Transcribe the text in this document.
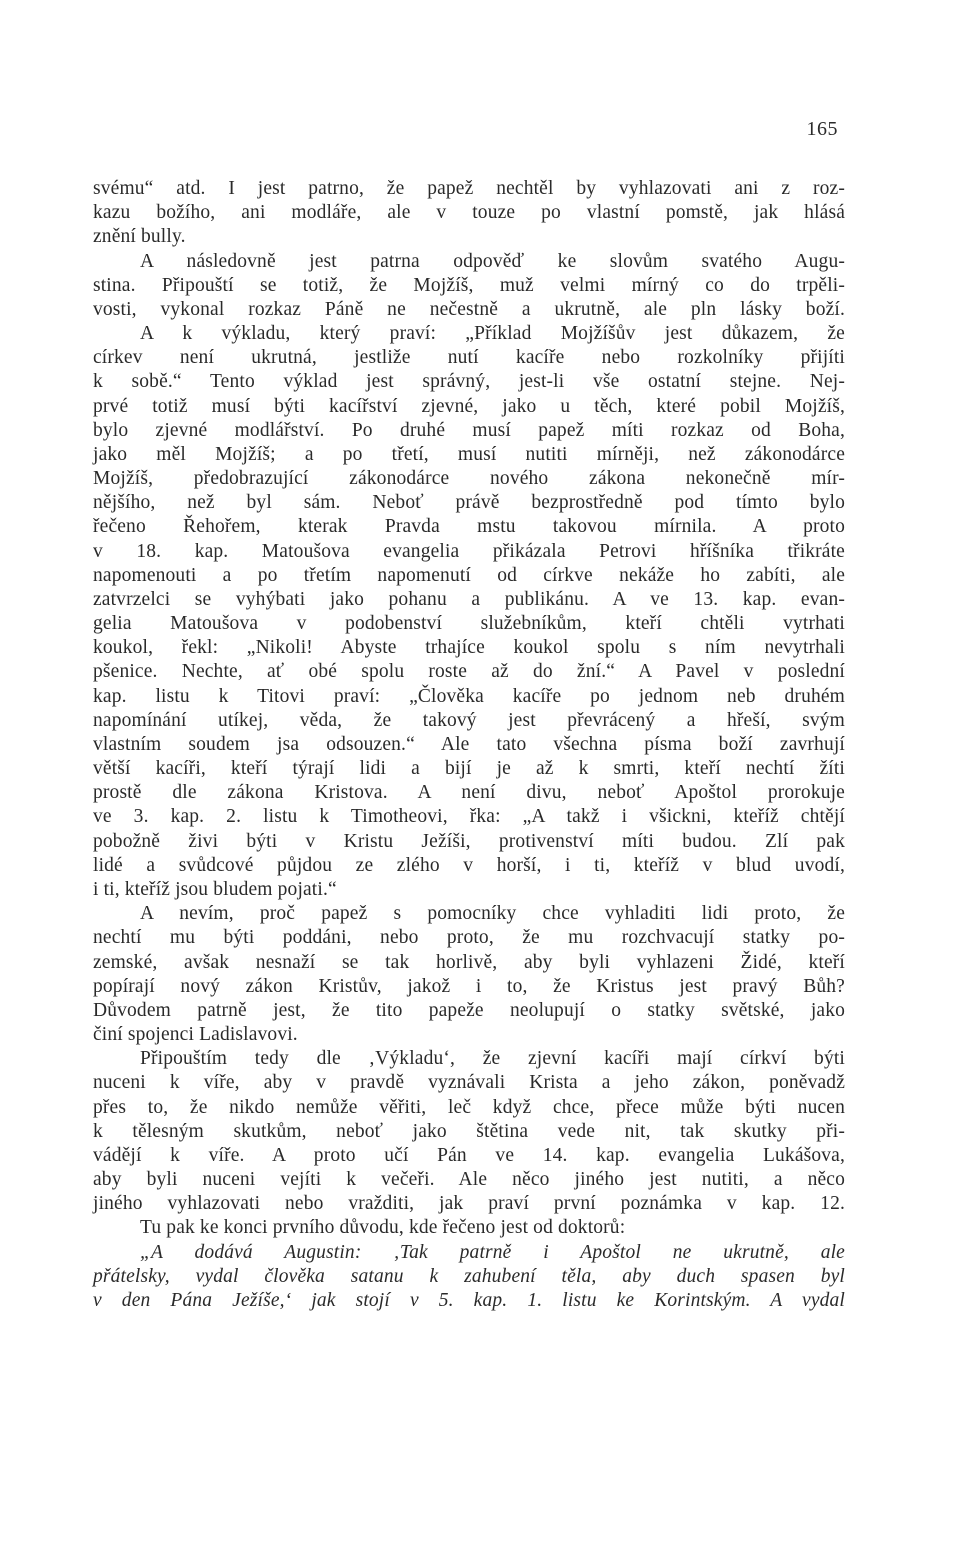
165
svému“ atd. I jest patrno, že papež nechtěl by vyhlazovati ani z roz-
kazu božího, ani modláře, ale v touze po vlastní pomstě, jak hlásá
znění bully.
A následovně jest patrna odpověď ke slovům svatého Augu-
stina. Připouští se totiž, že Mojžíš, muž velmi mírný co do trpěli-
vosti, vykonal rozkaz Páně ne nečestně a ukrutně, ale pln lásky boží.
A k výkladu, který praví: „Příklad Mojžíšův jest důkazem, že
církev není ukrutná, jestliže nutí kacíře nebo rozkolníky přijíti
k sobě.“ Tento výklad jest správný, jest-li vše ostatní stejne. Nej-
prvé totiž musí býti kacířství zjevné, jako u těch, které pobil Mojžíš,
bylo zjevné modlářství. Po druhé musí papež míti rozkaz od Boha,
jako měl Mojžíš; a po třetí, musí nutiti mírněji, než zákonodárce
Mojžíš, předobrazující zákonodárce nového zákona nekonečně mír-
nějšího, než byl sám. Neboť právě bezprostředně pod tímto bylo
řečeno Řehořem, kterak Pravda mstu takovou mírnila. A proto
v 18. kap. Matoušova evangelia přikázala Petrovi hříšníka třikráte
napomenouti a po třetím napomenutí od církve nekáže ho zabíti, ale
zatvrzelci se vyhýbati jako pohanu a publikánu. A ve 13. kap. evan-
gelia Matoušova v podobenství služebníkům, kteří chtěli vytrhati
koukol, řekl: „Nikoli! Abyste trhajíce koukol spolu s ním nevytrhali
pšenice. Nechte, ať obé spolu roste až do žní.“ A Pavel v poslední
kap. listu k Titovi praví: „Člověka kacíře po jednom neb druhém
napomínání utíkej, věda, že takový jest převrácený a hřeší, svým
vlastním soudem jsa odsouzen.“ Ale tato všechna písma boží zavrhují
větší kacíři, kteří týrají lidi a bijí je až k smrti, kteří nechtí žíti
prostě dle zákona Kristova. A není divu, neboť Apoštol prorokuje
ve 3. kap. 2. listu k Timotheovi, řka: „A takž i všickni, kteříž chtějí
pobožně živi býti v Kristu Ježíši, protivenství míti budou. Zlí pak
lidé a svůdcové půjdou ze zlého v horší, i ti, kteříž v blud uvodí,
i ti, kteříž jsou bludem pojati.“
A nevím, proč papež s pomocníky chce vyhladiti lidi proto, že
nechtí mu býti poddáni, nebo proto, že mu rozchvacují statky po-
zemské, avšak nesnaží se tak horlivě, aby byli vyhlazeni Židé, kteří
popírají nový zákon Kristův, jakož i to, že Kristus jest pravý Bůh?
Důvodem patrně jest, že tito papeže neolupují o statky světské, jako
činí spojenci Ladislavovi.
Připouštím tedy dle ‚Výkladu‘, že zjevní kacíři mají církví býti
nuceni k víře, aby v pravdě vyznávali Krista a jeho zákon, poněvadž
přes to, že nikdo nemůže věřiti, leč když chce, přece může býti nucen
k tělesným skutkům, neboť jako štětina vede nit, tak skutky při-
vádějí k víře. A proto učí Pán ve 14. kap. evangelia Lukášova,
aby byli nuceni vejíti k večeři. Ale něco jiného jest nutiti, a něco
jiného vyhlazovati nebo vražditi, jak praví první poznámka v kap. 12.
Tu pak ke konci prvního důvodu, kde řečeno jest od doktorů:
„A dodává Augustin: ‚Tak patrně i Apoštol ne ukrutně, ale
přátelsky, vydal člověka satanu k zahubení těla, aby duch spasen byl
v den Pána Ježíše,‘ jak stojí v 5. kap. 1. listu ke Korintským. A vydal
